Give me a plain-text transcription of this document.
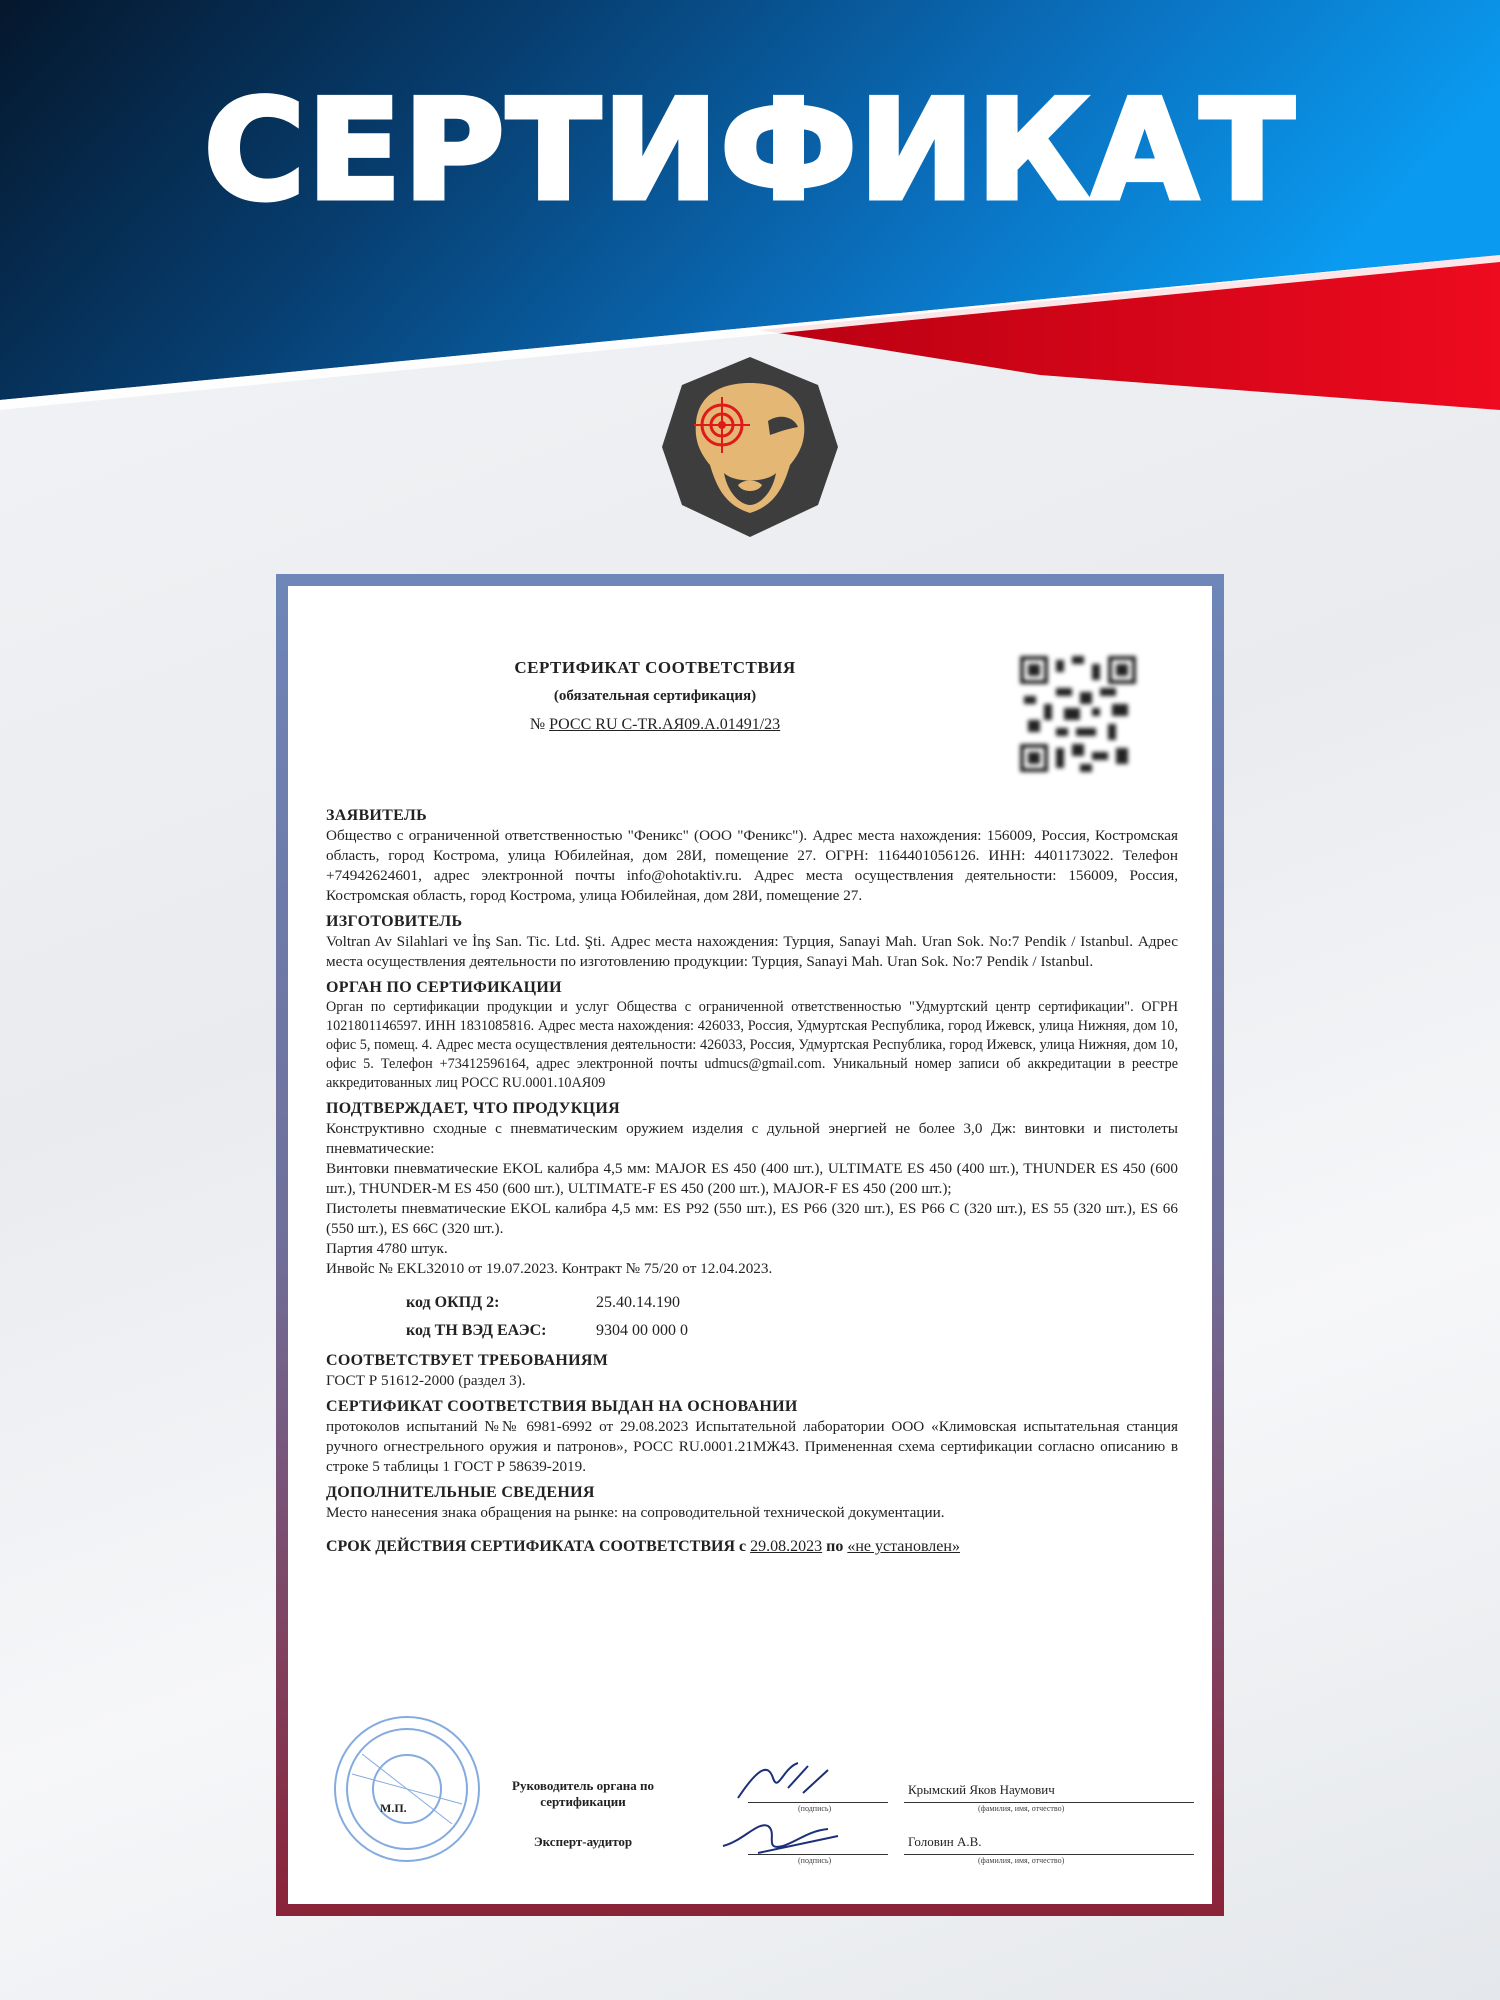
СЕРТИФИКАТ
СЕРТИФИКАТ СООТВЕТСТВИЯ
(обязательная сертификация)
№ РОСС RU С-TR.АЯ09.А.01491/23
ЗАЯВИТЕЛЬ

Общество с ограниченной ответственностью "Феникс" (ООО "Феникс"). Адрес места нахождения: 156009, Россия, Костромская область, город Кострома, улица Юбилейная, дом 28И, помещение 27. ОГРН: 1164401056126. ИНН: 4401173022. Телефон +74942624601, адрес электронной почты info@ohotaktiv.ru. Адрес места осуществления деятельности: 156009, Россия, Костромская область, город Кострома, улица Юбилейная, дом 28И, помещение 27.

ИЗГОТОВИТЕЛЬ

Voltran Av Silahlari ve İnş San. Tic. Ltd. Şti. Адрес места нахождения: Турция, Sanayi Mah. Uran Sok. No:7 Pendik / Istanbul. Адрес места осуществления деятельности по изготовлению продукции: Турция, Sanayi Mah. Uran Sok. No:7 Pendik / Istanbul.

ОРГАН ПО СЕРТИФИКАЦИИ

Орган по сертификации продукции и услуг Общества с ограниченной ответственностью "Удмуртский центр сертификации". ОГРН 1021801146597. ИНН 1831085816. Адрес места нахождения: 426033, Россия, Удмуртская Республика, город Ижевск, улица Нижняя, дом 10, офис 5, помещ. 4. Адрес места осуществления деятельности: 426033, Россия, Удмуртская Республика, город Ижевск, улица Нижняя, дом 10, офис 5. Телефон +73412596164, адрес электронной почты udmucs@gmail.com. Уникальный номер записи об аккредитации в реестре аккредитованных лиц РОСС RU.0001.10АЯ09

ПОДТВЕРЖДАЕТ, ЧТО ПРОДУКЦИЯ

Конструктивно сходные с пневматическим оружием изделия с дульной энергией не более 3,0 Дж: винтовки и пистолеты пневматические:

Винтовки пневматические EKOL калибра 4,5 мм: MAJOR ES 450 (400 шт.), ULTIMATE ES 450 (400 шт.), THUNDER ES 450 (600 шт.), THUNDER-M ES 450 (600 шт.), ULTIMATE-F ES 450 (200 шт.), MAJOR-F ES 450 (200 шт.);

Пистолеты пневматические EKOL калибра 4,5 мм: ES P92 (550 шт.), ES P66 (320 шт.), ES P66 C (320 шт.), ES 55 (320 шт.), ES 66 (550 шт.), ES 66C (320 шт.).

Партия 4780 штук.

Инвойс № EKL32010 от 19.07.2023. Контракт № 75/20 от 12.04.2023.

код ОКПД 2:	25.40.14.190
код ТН ВЭД ЕАЭС:	9304 00 000 0
СООТВЕТСТВУЕТ ТРЕБОВАНИЯМ

ГОСТ Р 51612-2000 (раздел 3).

СЕРТИФИКАТ СООТВЕТСТВИЯ ВЫДАН НА ОСНОВАНИИ

протоколов испытаний №№ 6981-6992 от 29.08.2023 Испытательной лаборатории ООО «Климовская испытательная станция ручного огнестрельного оружия и патронов», РОСС RU.0001.21МЖ43. Примененная схема сертификации согласно описанию в строке 5 таблицы 1 ГОСТ Р 58639-2019.

ДОПОЛНИТЕЛЬНЫЕ СВЕДЕНИЯ

Место нанесения знака обращения на рынке: на сопроводительной технической документации.

СРОК ДЕЙСТВИЯ СЕРТИФИКАТА СООТВЕТСТВИЯ с 29.08.2023 по «не установлен»
М.П.
Руководитель органа по сертификации
Эксперт-аудитор
(подпись)
Крымский Яков Наумович
(фамилия, имя, отчество)
(подпись)
Головин А.В.
(фамилия, имя, отчество)
